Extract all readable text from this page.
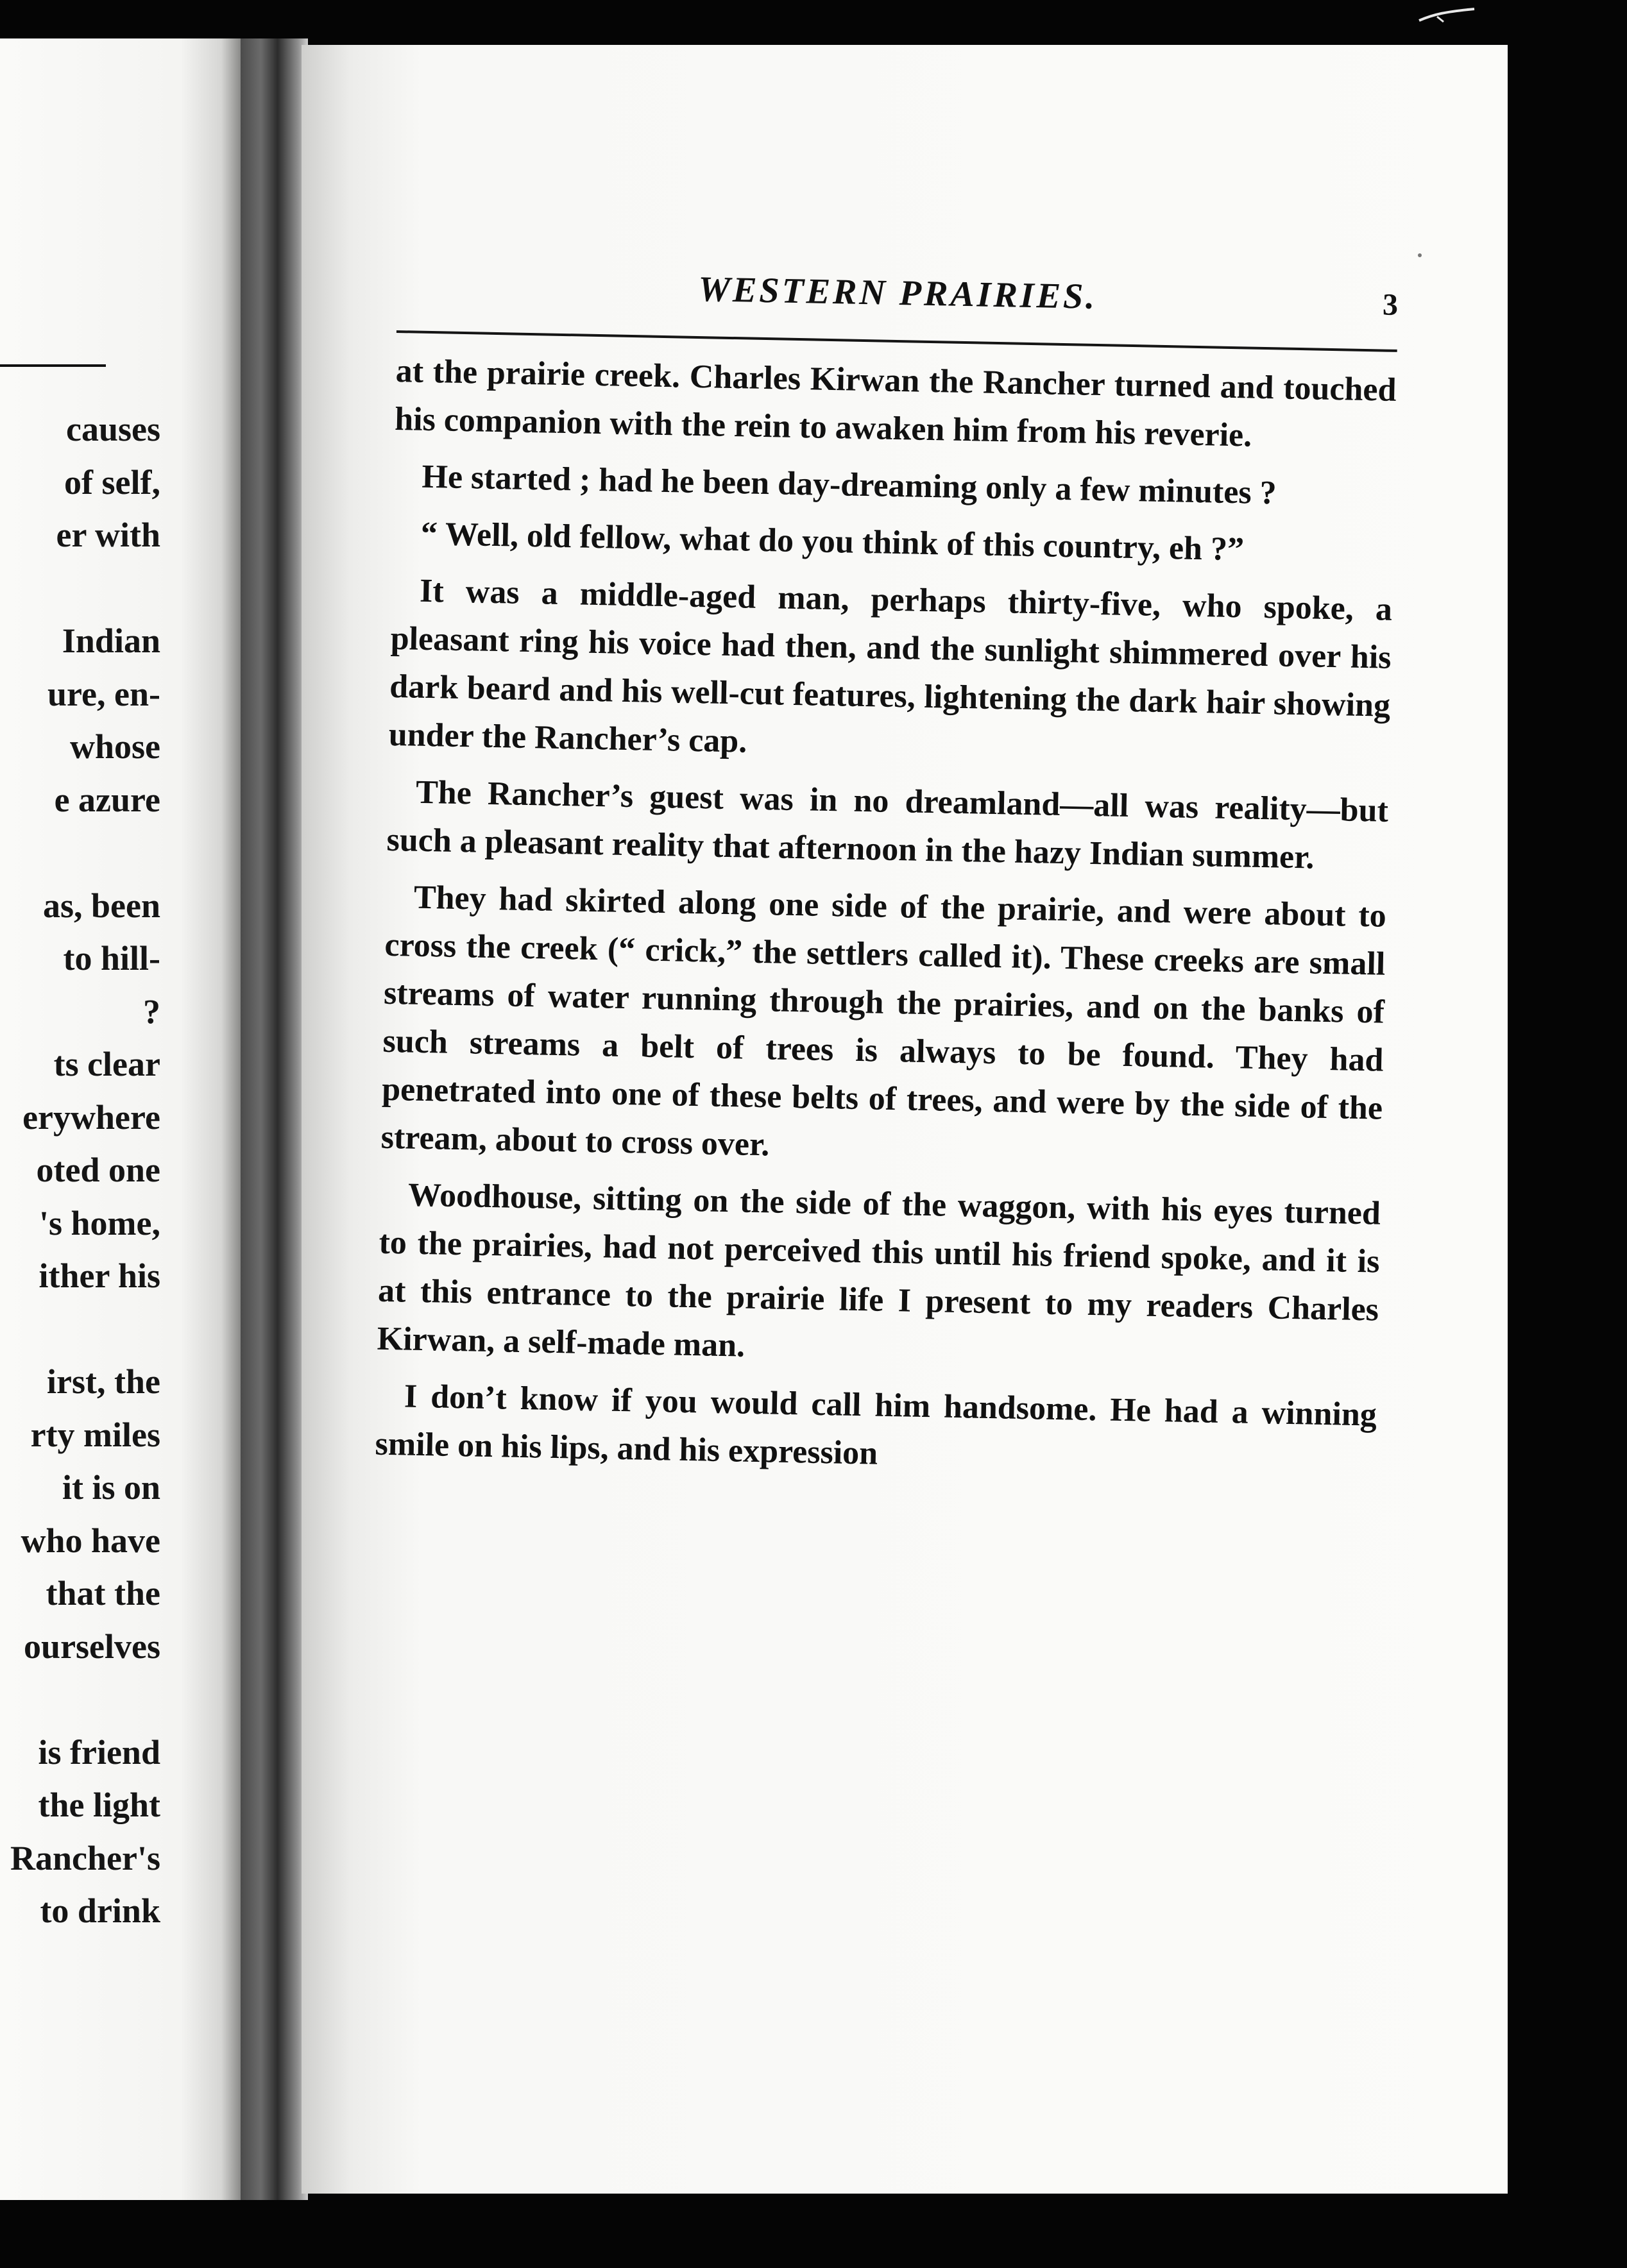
causes
of self,
er with
Indian
ure, en-
whose
e azure
as, been
to hill-
?
ts clear
erywhere
oted one
's home,
ither his
irst, the
rty miles
it is on
who have
that the
ourselves
is friend
the light
Rancher's
to drink
WESTERN PRAIRIES.	3

at the prairie creek. Charles Kirwan the Rancher turned and touched his companion with the rein to awaken him from his reverie.

He started ; had he been day-dreaming only a few minutes ?

“ Well, old fellow, what do you think of this country, eh ?”

It was a middle-aged man, perhaps thirty-five, who spoke, a pleasant ring his voice had then, and the sunlight shimmered over his dark beard and his well-cut features, lightening the dark hair showing under the Rancher’s cap.

The Rancher’s guest was in no dreamland—all was reality—but such a pleasant reality that afternoon in the hazy Indian summer.

They had skirted along one side of the prairie, and were about to cross the creek (“ crick,” the settlers called it). These creeks are small streams of water running through the prairies, and on the banks of such streams a belt of trees is always to be found. They had penetrated into one of these belts of trees, and were by the side of the stream, about to cross over.

Woodhouse, sitting on the side of the waggon, with his eyes turned to the prairies, had not perceived this until his friend spoke, and it is at this entrance to the prairie life I present to my readers Charles Kirwan, a self-made man.

I don’t know if you would call him handsome. He had a winning smile on his lips, and his expression
